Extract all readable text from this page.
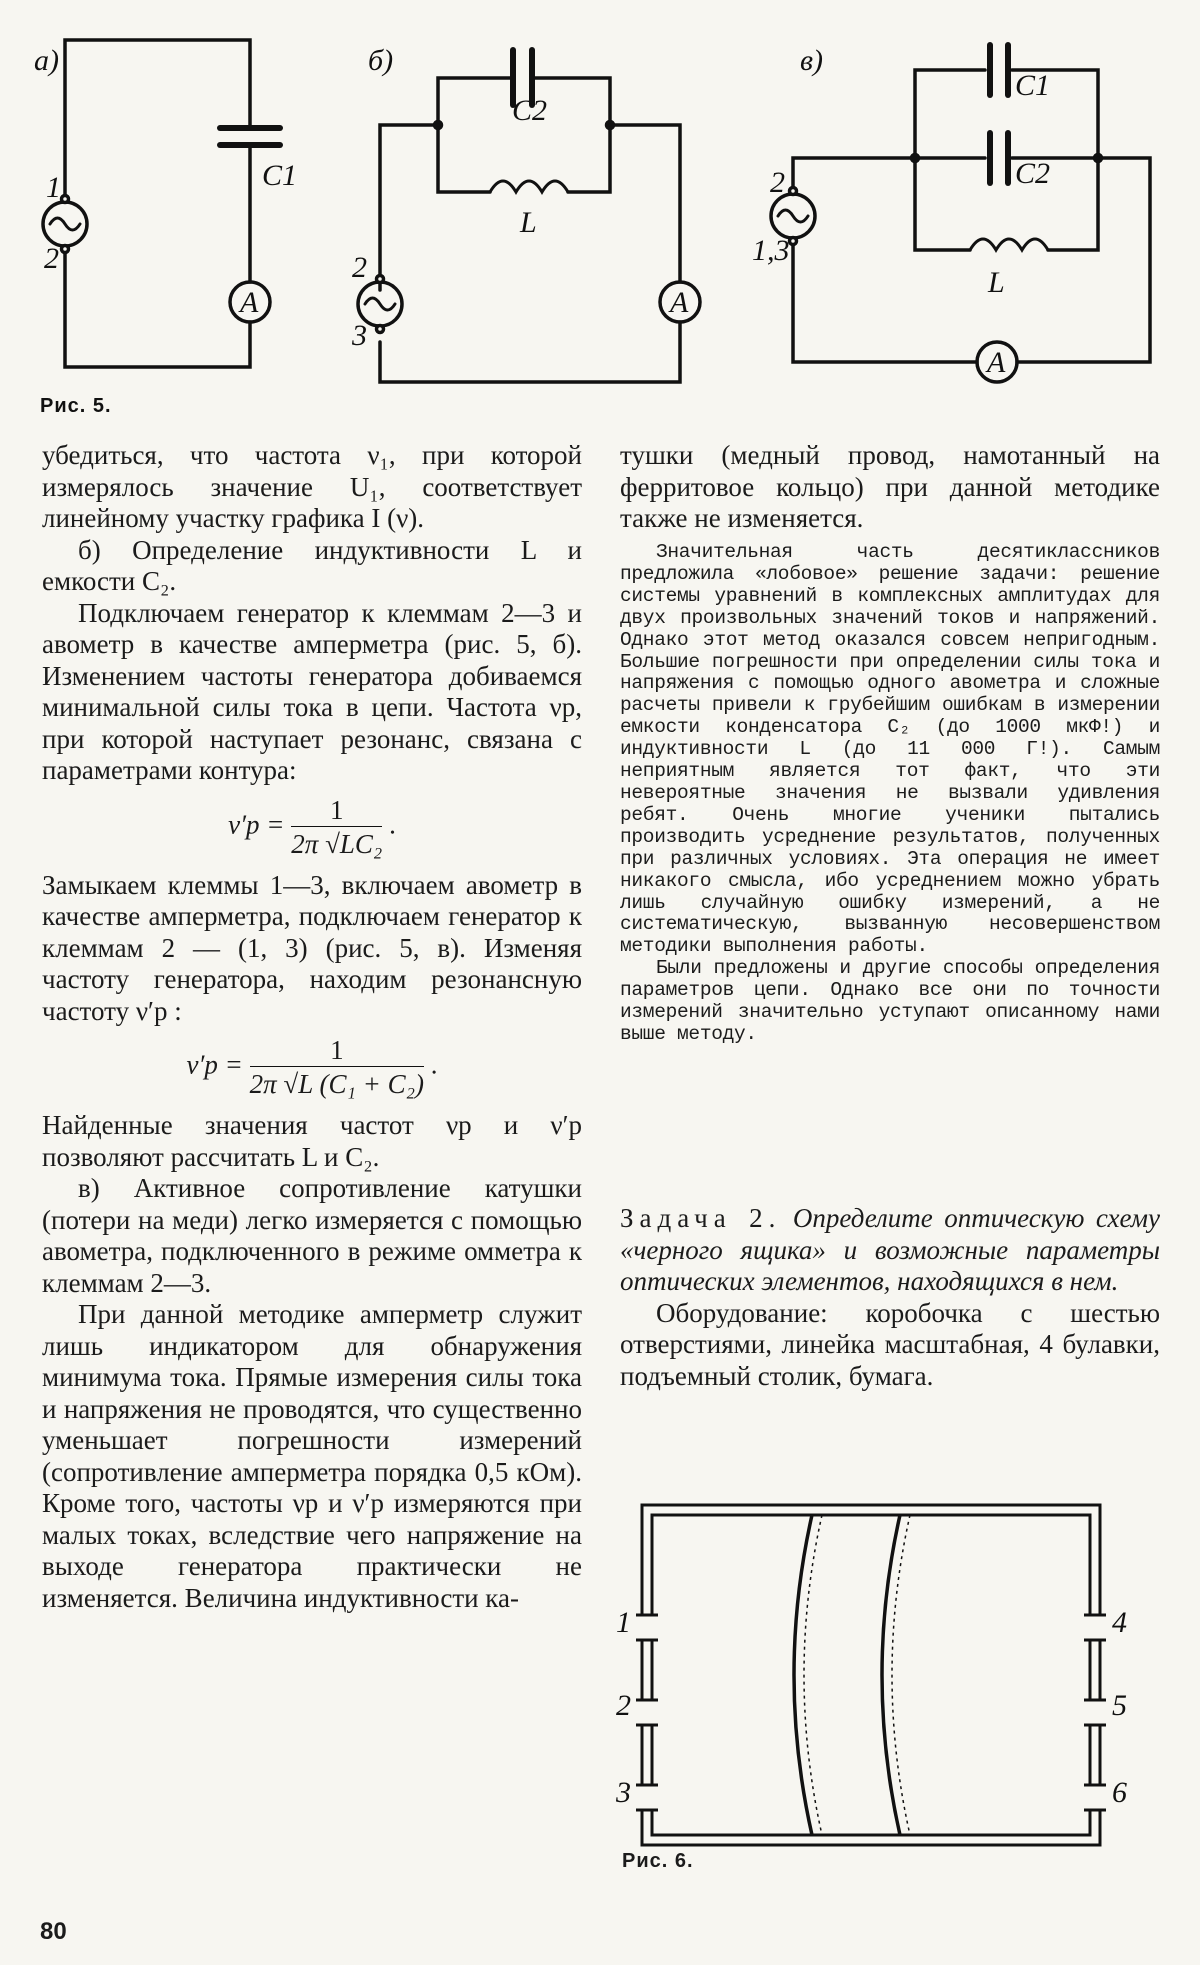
а)	б)	в)
C1
C2
L
C1
C2
L
A	A
A
1
2	2
3
2
1,3
Рис. 5.

убедиться, что частота ν₁, при которой измерялось значение U₁, соответствует линейному участку графика I (ν).

б) Определение индуктивности L и емкости C₂.

Подключаем генератор к клеммам 2—3 и авометр в качестве амперметра (рис. 5, б). Изменением частоты генератора добиваемся минимальной силы тока в цепи. Частота νр, при которой наступает резонанс, связана с параметрами контура:

$\nu'р = \frac{1}{\text{2π √LC₂}}$ .

Замыкаем клеммы 1—3, включаем авометр в качестве амперметра, подключаем генератор к клеммам 2 — (1, 3) (рис. 5, в). Изменяя частоту генератора, находим резонансную частоту ν′р :

$\nu'р = \frac{1}{\text{2π √L (C₁ + C₂)}}$ .

Найденные значения частот νр и ν′р позволяют рассчитать L и C₂.

в) Активное сопротивление катушки (потери на меди) легко измеряется с помощью авометра, подключенного в режиме омметра к клеммам 2—3.

При данной методике амперметр служит лишь индикатором для обнаружения минимума тока. Прямые измерения силы тока и напряжения не проводятся, что существенно уменьшает погрешности измерений (сопротивление амперметра порядка 0,5 кОм). Кроме того, частоты νр и ν′р измеряются при малых токах, вследствие чего напряжение на выходе генератора практически не изменяется. Величина индуктивности ка-

тушки (медный провод, намотанный на ферритовое кольцо) при данной методике также не изменяется.

Значительная часть десятиклассников предложила «лобовое» решение задачи: решение системы уравнений в комплексных амплитудах для двух произвольных значений токов и напряжений. Однако этот метод оказался совсем непригодным. Большие погрешности при определении силы тока и напряжения с помощью одного авометра и сложные расчеты привели к грубейшим ошибкам в измерении емкости конденсатора C₂ (до 1000 мкФ!) и индуктивности L (до 11 000 Г!). Самым неприятным является тот факт, что эти невероятные значения не вызвали удивления ребят. Очень многие ученики пытались производить усреднение результатов, полученных при различных условиях. Эта операция не имеет никакого смысла, ибо усреднением можно убрать лишь случайную ошибку измерений, а не систематическую, вызванную несовершенством методики выполнения работы.

Были предложены и другие способы определения параметров цепи. Однако все они по точности измерений значительно уступают описанному нами выше методу.

Задача 2. Определите оптическую схему «черного ящика» и возможные параметры оптических элементов, находящихся в нем.

Оборудование: коробочка с шестью отверстиями, линейка масштабная, 4 булавки, подъемный столик, бумага.

1
2
3
4
5
6
Рис. 6.
80
